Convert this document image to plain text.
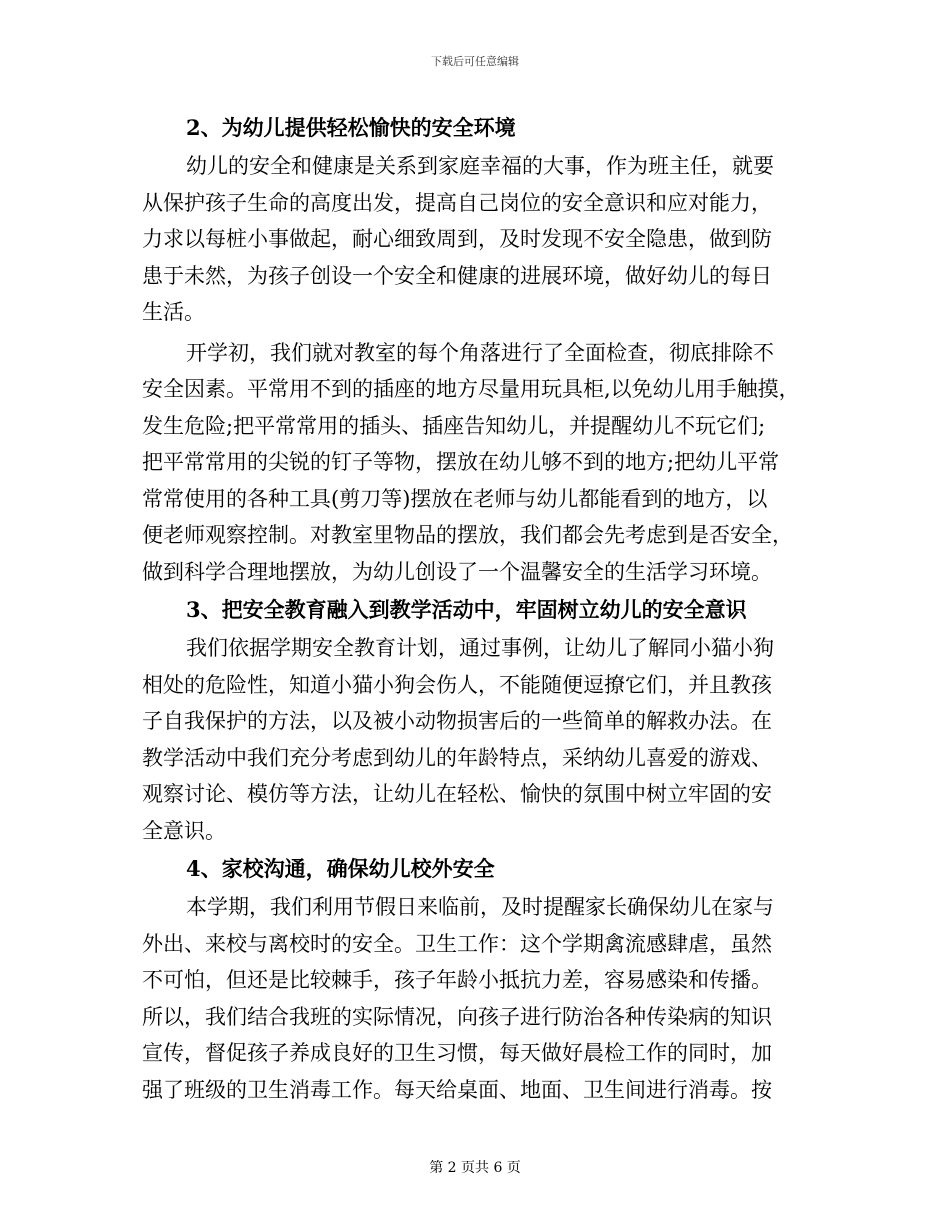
下载后可任意编辑
2、为幼儿提供轻松愉快的安全环境
幼儿的安全和健康是关系到家庭幸福的大事，作为班主任，就要
从保护孩子生命的高度出发，提高自己岗位的安全意识和应对能力，
力求以每桩小事做起，耐心细致周到，及时发现不安全隐患，做到防
患于未然，为孩子创设一个安全和健康的进展环境，做好幼儿的每日
生活。
开学初，我们就对教室的每个角落进行了全面检查，彻底排除不
安全因素。平常用不到的插座的地方尽量用玩具柜,以免幼儿用手触摸，
发生危险;把平常常用的插头、插座告知幼儿，并提醒幼儿不玩它们;
把平常常用的尖锐的钉子等物，摆放在幼儿够不到的地方;把幼儿平常
常常使用的各种工具(剪刀等)摆放在老师与幼儿都能看到的地方，以
便老师观察控制。对教室里物品的摆放，我们都会先考虑到是否安全，
做到科学合理地摆放，为幼儿创设了一个温馨安全的生活学习环境。
3、把安全教育融入到教学活动中，牢固树立幼儿的安全意识
我们依据学期安全教育计划，通过事例，让幼儿了解同小猫小狗
相处的危险性，知道小猫小狗会伤人，不能随便逗撩它们，并且教孩
子自我保护的方法，以及被小动物损害后的一些简单的解救办法。在
教学活动中我们充分考虑到幼儿的年龄特点，采纳幼儿喜爱的游戏、
观察讨论、模仿等方法，让幼儿在轻松、愉快的氛围中树立牢固的安
全意识。
4、家校沟通，确保幼儿校外安全
本学期，我们利用节假日来临前，及时提醒家长确保幼儿在家与
外出、来校与离校时的安全。卫生工作：这个学期禽流感肆虐，虽然
不可怕，但还是比较棘手，孩子年龄小抵抗力差，容易感染和传播。
所以，我们结合我班的实际情况，向孩子进行防治各种传染病的知识
宣传，督促孩子养成良好的卫生习惯，每天做好晨检工作的同时，加
强了班级的卫生消毒工作。每天给桌面、地面、卫生间进行消毒。按
第 2 页共 6 页
